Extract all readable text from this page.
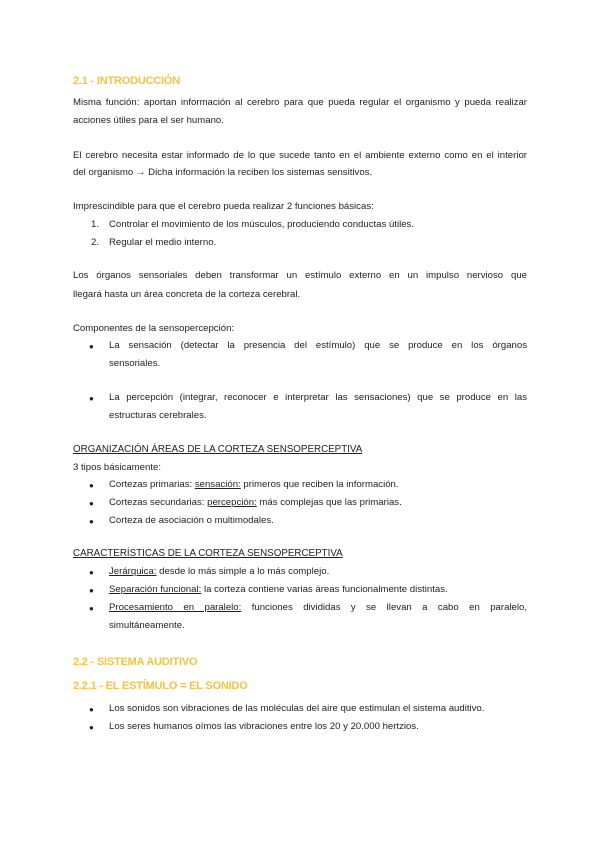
2.1 - INTRODUCCIÓN
Misma función: aportan información al cerebro para que pueda regular el organismo y pueda realizar
acciones útiles para el ser humano.
El cerebro necesita estar informado de lo que sucede tanto en el ambiente externo como en el interior
del organismo → Dicha información la reciben los sistemas sensitivos.
Imprescindible para que el cerebro pueda realizar 2 funciones básicas:
1. Controlar el movimiento de los músculos, produciendo conductas útiles.
2. Regular el medio interno.
Los órganos sensoriales deben transformar un estímulo externo en un impulso nervioso que
llegará hasta un área concreta de la corteza cerebral.
Componentes de la sensopercepción:
● La sensación (detectar la presencia del estímulo) que se produce en los órganos
sensoriales.
● La percepción (integrar, reconocer e interpretar las sensaciones) que se produce en las
estructuras cerebrales.
ORGANIZACIÓN ÁREAS DE LA CORTEZA SENSOPERCEPTIVA
3 tipos básicamente:
● Cortezas primarias: sensación: primeros que reciben la información.
● Cortezas secundarias: percepción: más complejas que las primarias.
● Corteza de asociación o multimodales.
CARACTERÍSTICAS DE LA CORTEZA SENSOPERCEPTIVA
● Jerárquica: desde lo más simple a lo más complejo.
● Separación funcional: la corteza contiene varias áreas funcionalmente distintas.
● Procesamiento en paralelo: funciones divididas y se llevan a cabo en paralelo,
simultáneamente.
2.2 - SISTEMA AUDITIVO
2.2.1 - EL ESTÍMULO = EL SONIDO
● Los sonidos son vibraciones de las moléculas del aire que estimulan el sistema auditivo.
● Los seres humanos oímos las vibraciones entre los 20 y 20.000 hertzios.
